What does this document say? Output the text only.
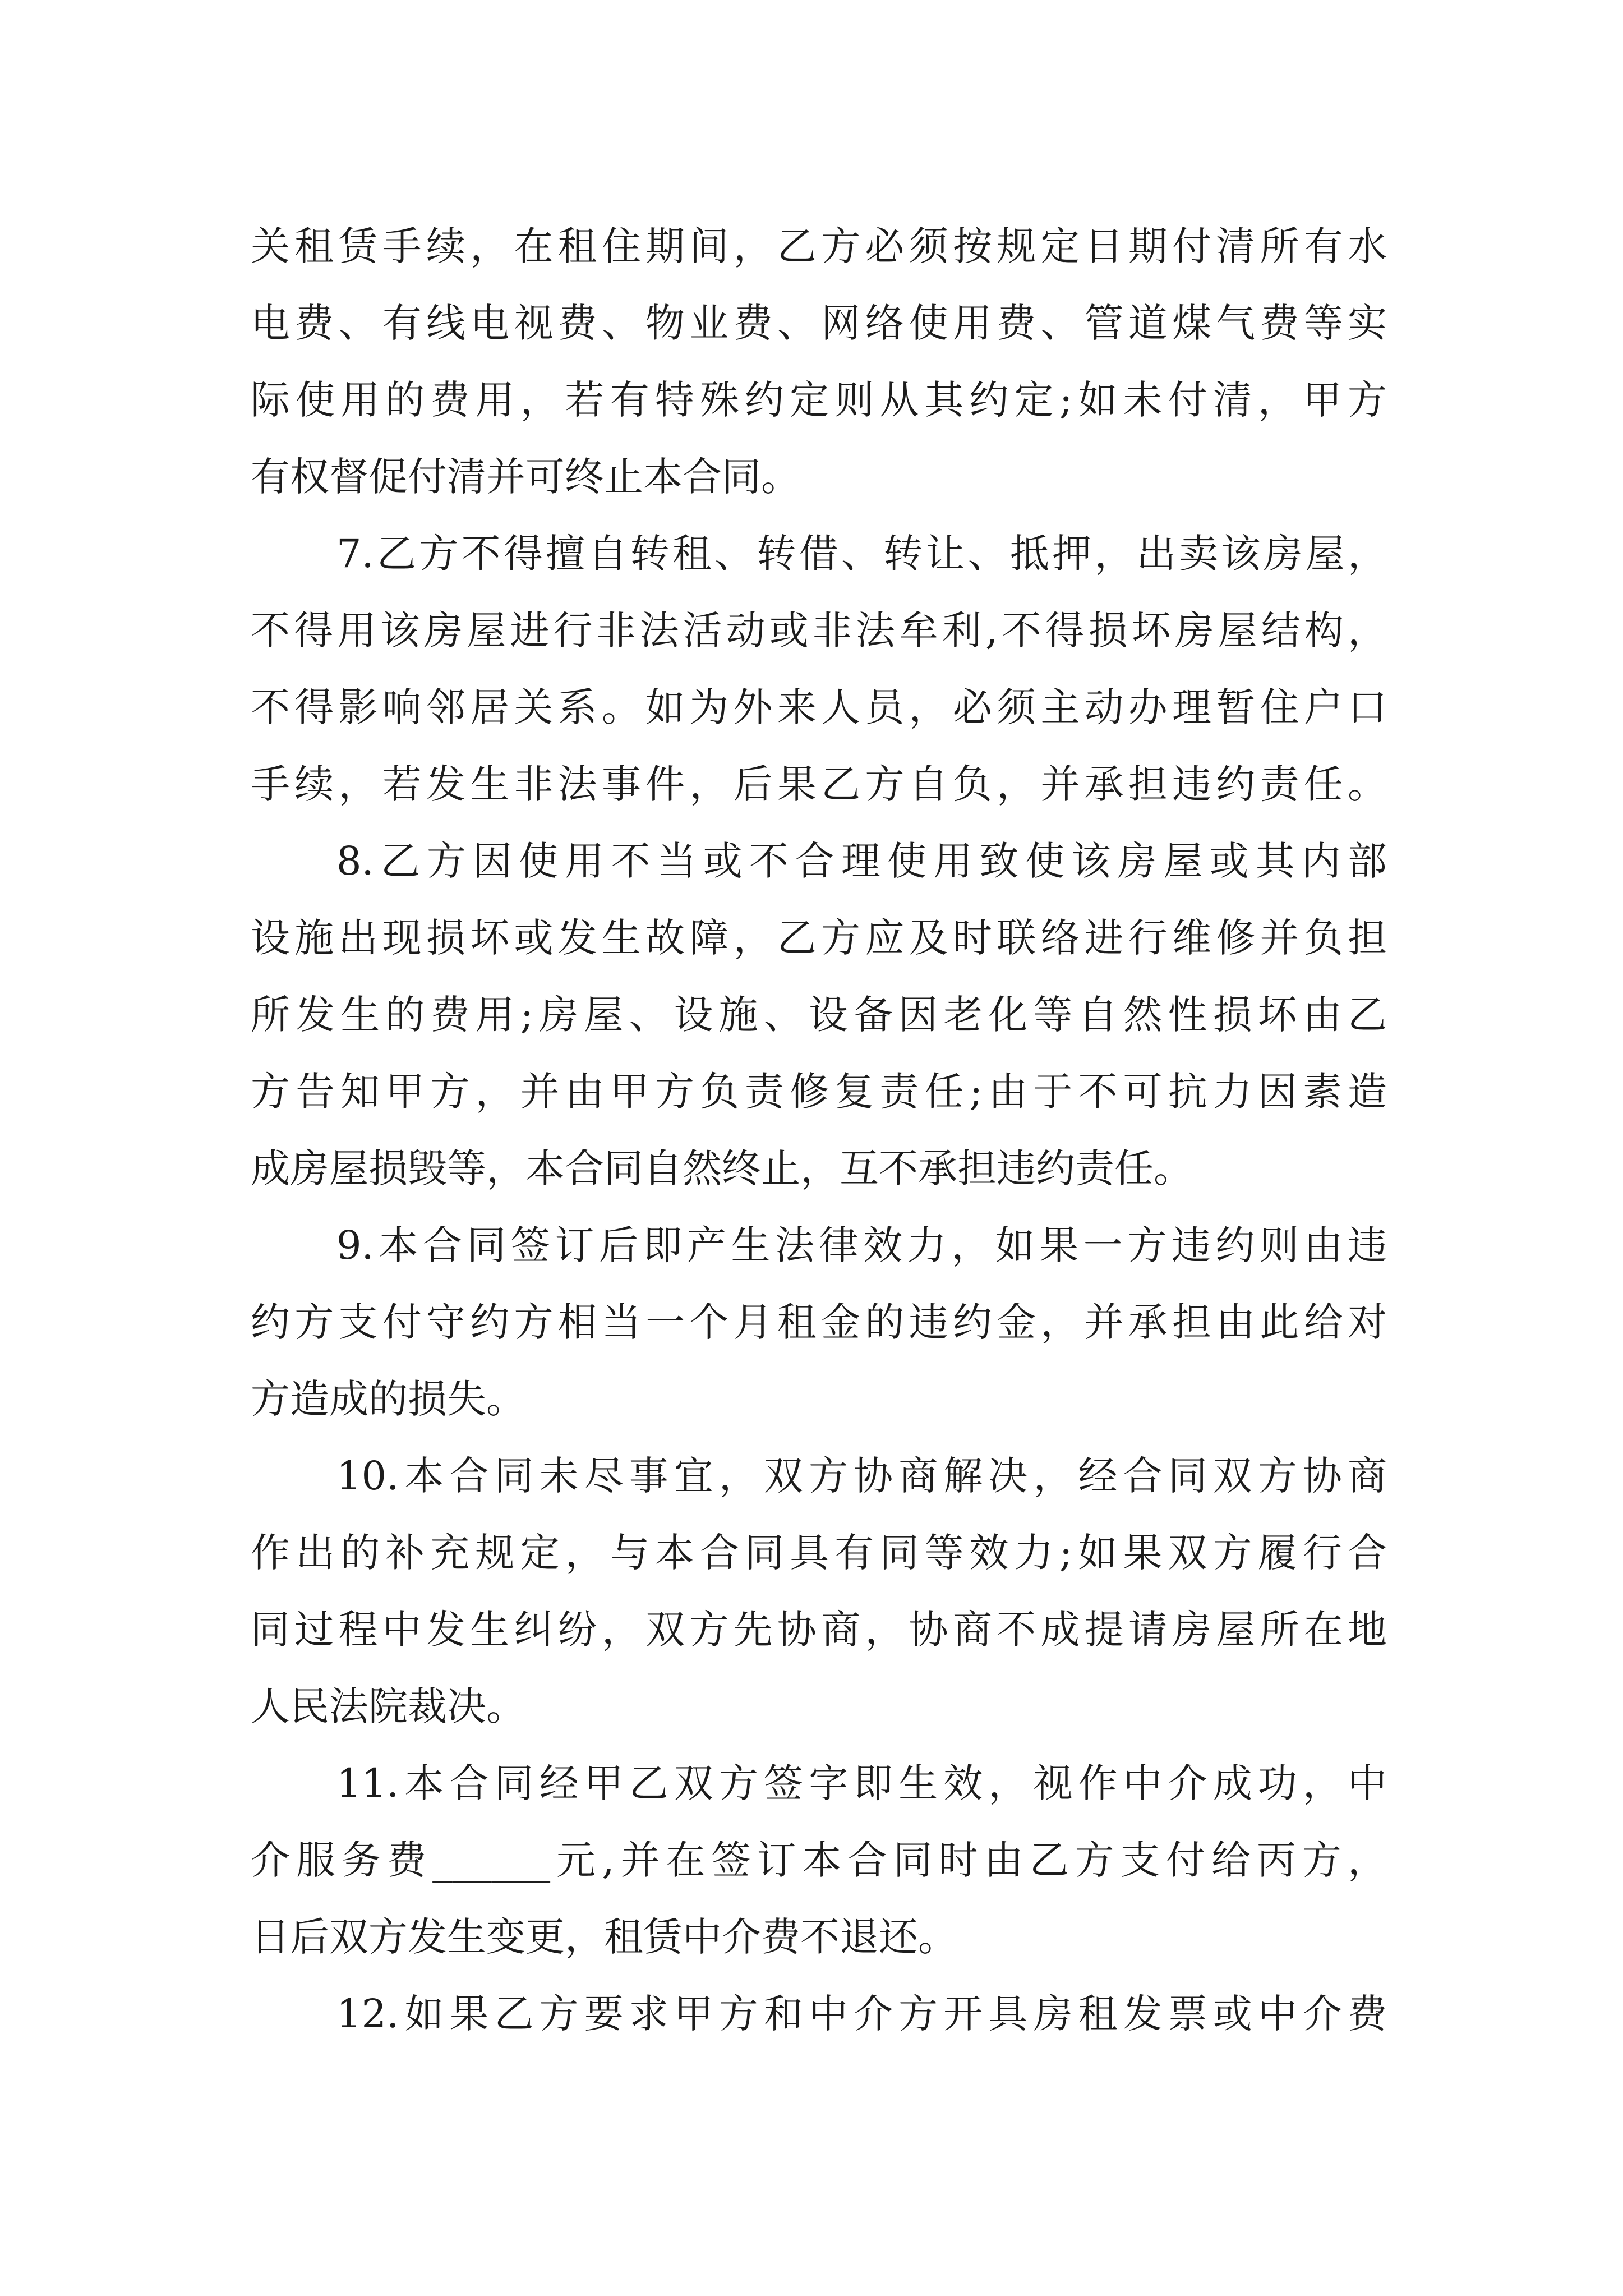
关租赁手续，在租住期间，乙方必须按规定日期付清所有水
电费、有线电视费、物业费、网络使用费、管道煤气费等实
际使用的费用，若有特殊约定则从其约定;如未付清，甲方
有权督促付清并可终止本合同。
7.乙方不得擅自转租、转借、转让、抵押，出卖该房屋，
不得用该房屋进行非法活动或非法牟利,不得损坏房屋结构，
不得影响邻居关系。如为外来人员，必须主动办理暂住户口
手续，若发生非法事件，后果乙方自负，并承担违约责任。
8.乙方因使用不当或不合理使用致使该房屋或其内部
设施出现损坏或发生故障，乙方应及时联络进行维修并负担
所发生的费用;房屋、设施、设备因老化等自然性损坏由乙
方告知甲方，并由甲方负责修复责任;由于不可抗力因素造
成房屋损毁等，本合同自然终止，互不承担违约责任。
9.本合同签订后即产生法律效力，如果一方违约则由违
约方支付守约方相当一个月租金的违约金，并承担由此给对
方造成的损失。
10.本合同未尽事宜，双方协商解决，经合同双方协商
作出的补充规定，与本合同具有同等效力;如果双方履行合
同过程中发生纠纷，双方先协商，协商不成提请房屋所在地
人民法院裁决。
11.本合同经甲乙双方签字即生效，视作中介成功，中
介服务费______元,并在签订本合同时由乙方支付给丙方，
日后双方发生变更，租赁中介费不退还。
12.如果乙方要求甲方和中介方开具房租发票或中介费
